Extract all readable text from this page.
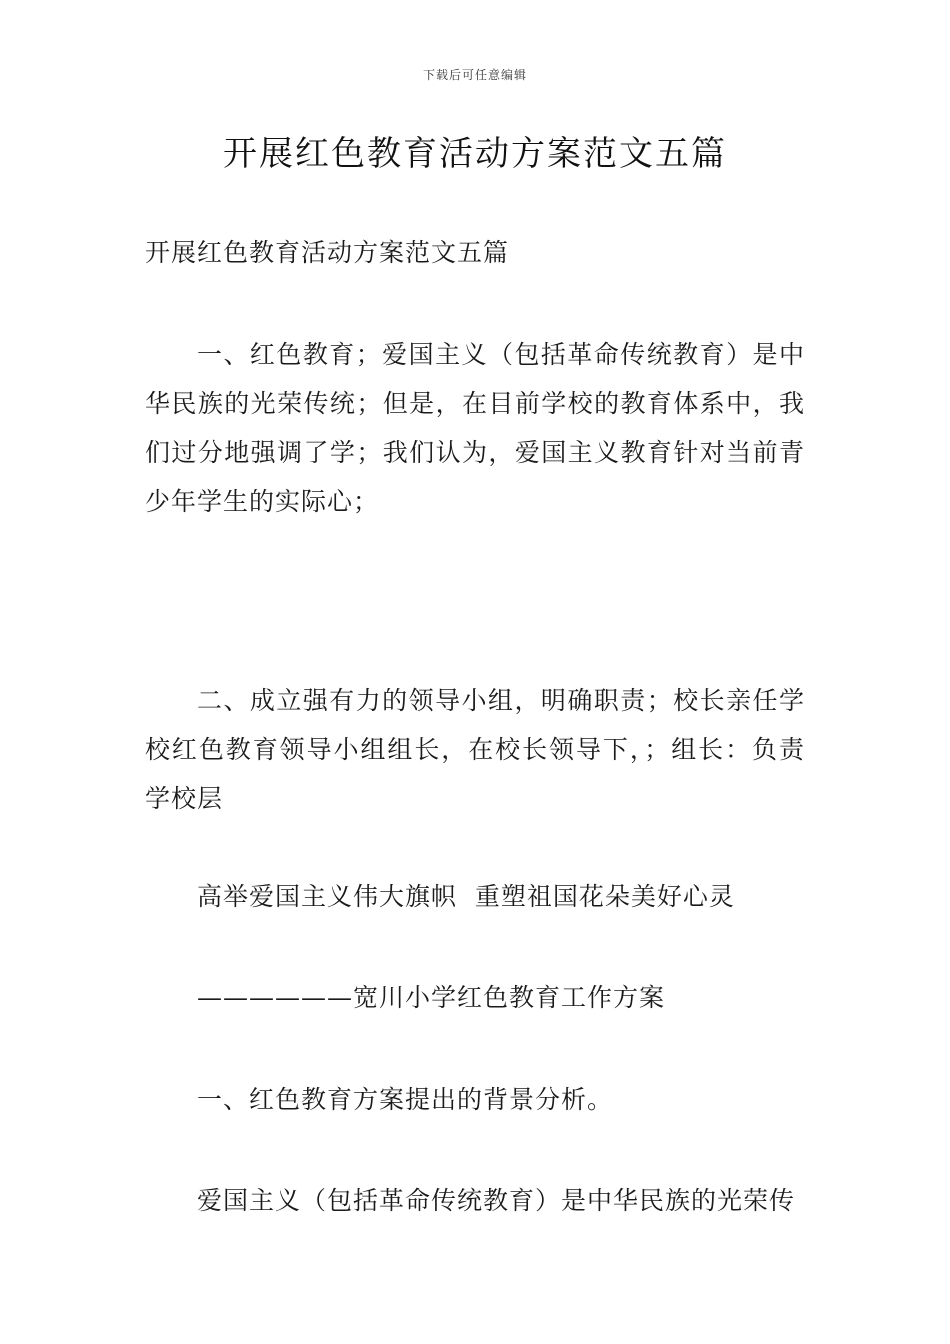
下载后可任意编辑
开展红色教育活动方案范文五篇

开展红色教育活动方案范文五篇

一、红色教育；爱国主义（包括革命传统教育）是中华民族的光荣传统；但是，在目前学校的教育体系中，我们过分地强调了学；我们认为，爱国主义教育针对当前青少年学生的实际心；

二、成立强有力的领导小组，明确职责；校长亲任学校红色教育领导小组组长，在校长领导下，；组长：负责学校层

高举爱国主义伟大旗帜  重塑祖国花朵美好心灵

——————宽川小学红色教育工作方案

一、红色教育方案提出的背景分析。

爱国主义（包括革命传统教育）是中华民族的光荣传
